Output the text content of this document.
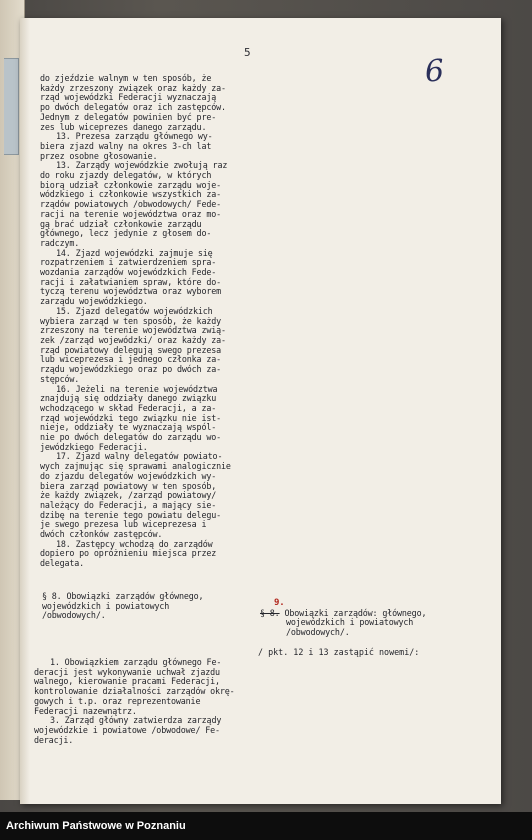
5
6
do zjeździe walnym w ten sposób, że
każdy zrzeszony związek oraz każdy za-
rząd wojewódzki Federacji wyznaczają
po dwóch delegatów oraz ich zastępców.
Jednym z delegatów powinien być pre-
zes lub wiceprezes danego zarządu.
13. Prezesa zarządu głównego wy-
biera zjazd walny na okres 3-ch lat
przez osobne głosowanie.
13. Zarządy wojewódzkie zwołują raz
do roku zjazdy delegatów, w których
biorą udział członkowie zarządu woje-
wódzkiego i członkowie wszystkich za-
rządów powiatowych /obwodowych/ Fede-
racji na terenie województwa oraz mo-
gą brać udział członkowie zarządu
głównego, lecz jedynie z głosem do-
radczym.
14. Zjazd wojewódzki zajmuje się
rozpatrzeniem i zatwierdzeniem spra-
wozdania zarządów wojewódzkich Fede-
racji i załatwianiem spraw, które do-
tyczą terenu województwa oraz wyborem
zarządu wojewódzkiego.
15. Zjazd delegatów wojewódzkich
wybiera zarząd w ten sposób, że każdy
zrzeszony na terenie województwa zwią-
zek /zarząd wojewódzki/ oraz każdy za-
rząd powiatowy delegują swego prezesa
lub wiceprezesa i jednego członka za-
rządu wojewódzkiego oraz po dwóch za-
stępców.
16. Jeżeli na terenie województwa
znajdują się oddziały danego związku
wchodzącego w skład Federacji, a za-
rząd wojewódzki tego związku nie ist-
nieje, oddziały te wyznaczają wspól-
nie po dwóch delegatów do zarządu wo-
jewódzkiego Federacji.
17. Zjazd walny delegatów powiato-
wych zajmując się sprawami analogicznie
do zjazdu delegatów wojewódzkich wy-
biera zarząd powiatowy w ten sposób,
że każdy związek, /zarząd powiatowy/
należący do Federacji, a mający sie-
dzibę na terenie tego powiatu delegu-
je swego prezesa lub wiceprezesa i
dwóch członków zastępców.
18. Zastępcy wchodzą do zarządów
dopiero po opróżnieniu miejsca przez
delegata.
§ 8. Obowiązki zarządów głównego,
wojewódzkich i powiatowych
/obwodowych/.
9.
§ 8. Obowiązki zarządów: głównego,
wojewódzkich i powiatowych
/obwodowych/.
/ pkt. 12 i 13 zastąpić nowemi/:
1. Obowiązkiem zarządu głównego Fe-
deracji jest wykonywanie uchwał zjazdu
walnego, kierowanie pracami Federacji,
kontrolowanie działalności zarządów okrę-
gowych i t.p. oraz reprezentowanie
Federacji nazewnątrz.
3. Zarząd główny zatwierdza zarządy
wojewódzkie i powiatowe /obwodowe/ Fe-
deracji.
Archiwum Państwowe w Poznaniu
